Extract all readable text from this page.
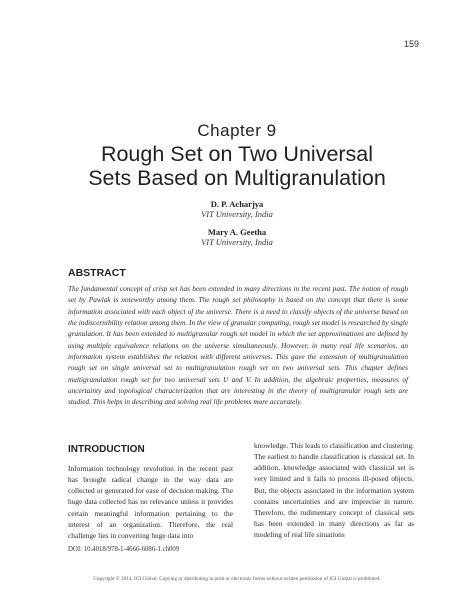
159
Chapter 9
Rough Set on Two Universal
Sets Based on Multigranulation
D. P. Acharjya
VIT University, India
Mary A. Geetha
VIT University, India
ABSTRACT
The fundamental concept of crisp set has been extended in many directions in the recent past. The notion of rough set by Pawlak is noteworthy among them. The rough set philosophy is based on the concept that there is some information associated with each object of the universe. There is a need to classify objects of the universe based on the indiscernibility relation among them. In the view of granular computing, rough set model is researched by single granulation. It has been extended to multigranular rough set model in which the set approximations are defined by using multiple equivalence relations on the universe simultaneously. However, in many real life scenarios, an information system establishes the relation with different universes. This gave the extension of multigranulation rough set on single universal set to multigranulation rough set on two universal sets. This chapter defines multigranulation rough set for two universal sets U and V. In addition, the algebraic properties, measures of uncertainty and topological characterization that are interesting in the theory of multigranular rough sets are studied. This helps in describing and solving real life problems more accurately.
INTRODUCTION
Information technology revolution in the recent past has brought radical change in the way data are collected or generated for ease of decision making. The huge data collected has no relevance unless it provides certain meaningful information pertaining to the interest of an organization. Therefore, the real challenge lies in converting huge data into
knowledge. This leads to classification and clustering. The earliest to handle classification is classical set. In addition, knowledge associated with classical set is very limited and it fails to process ill-posed objects. But, the objects associated in the information system contains uncertainties and are imprecise in nature. Therefore, the rudimentary concept of classical sets has been extended in many directions as far as modeling of real life situations
DOI: 10.4018/978-1-4666-6086-1.ch009
Copyright © 2014, IGI Global. Copying or distributing in print or electronic forms without written permission of IGI Global is prohibited.
